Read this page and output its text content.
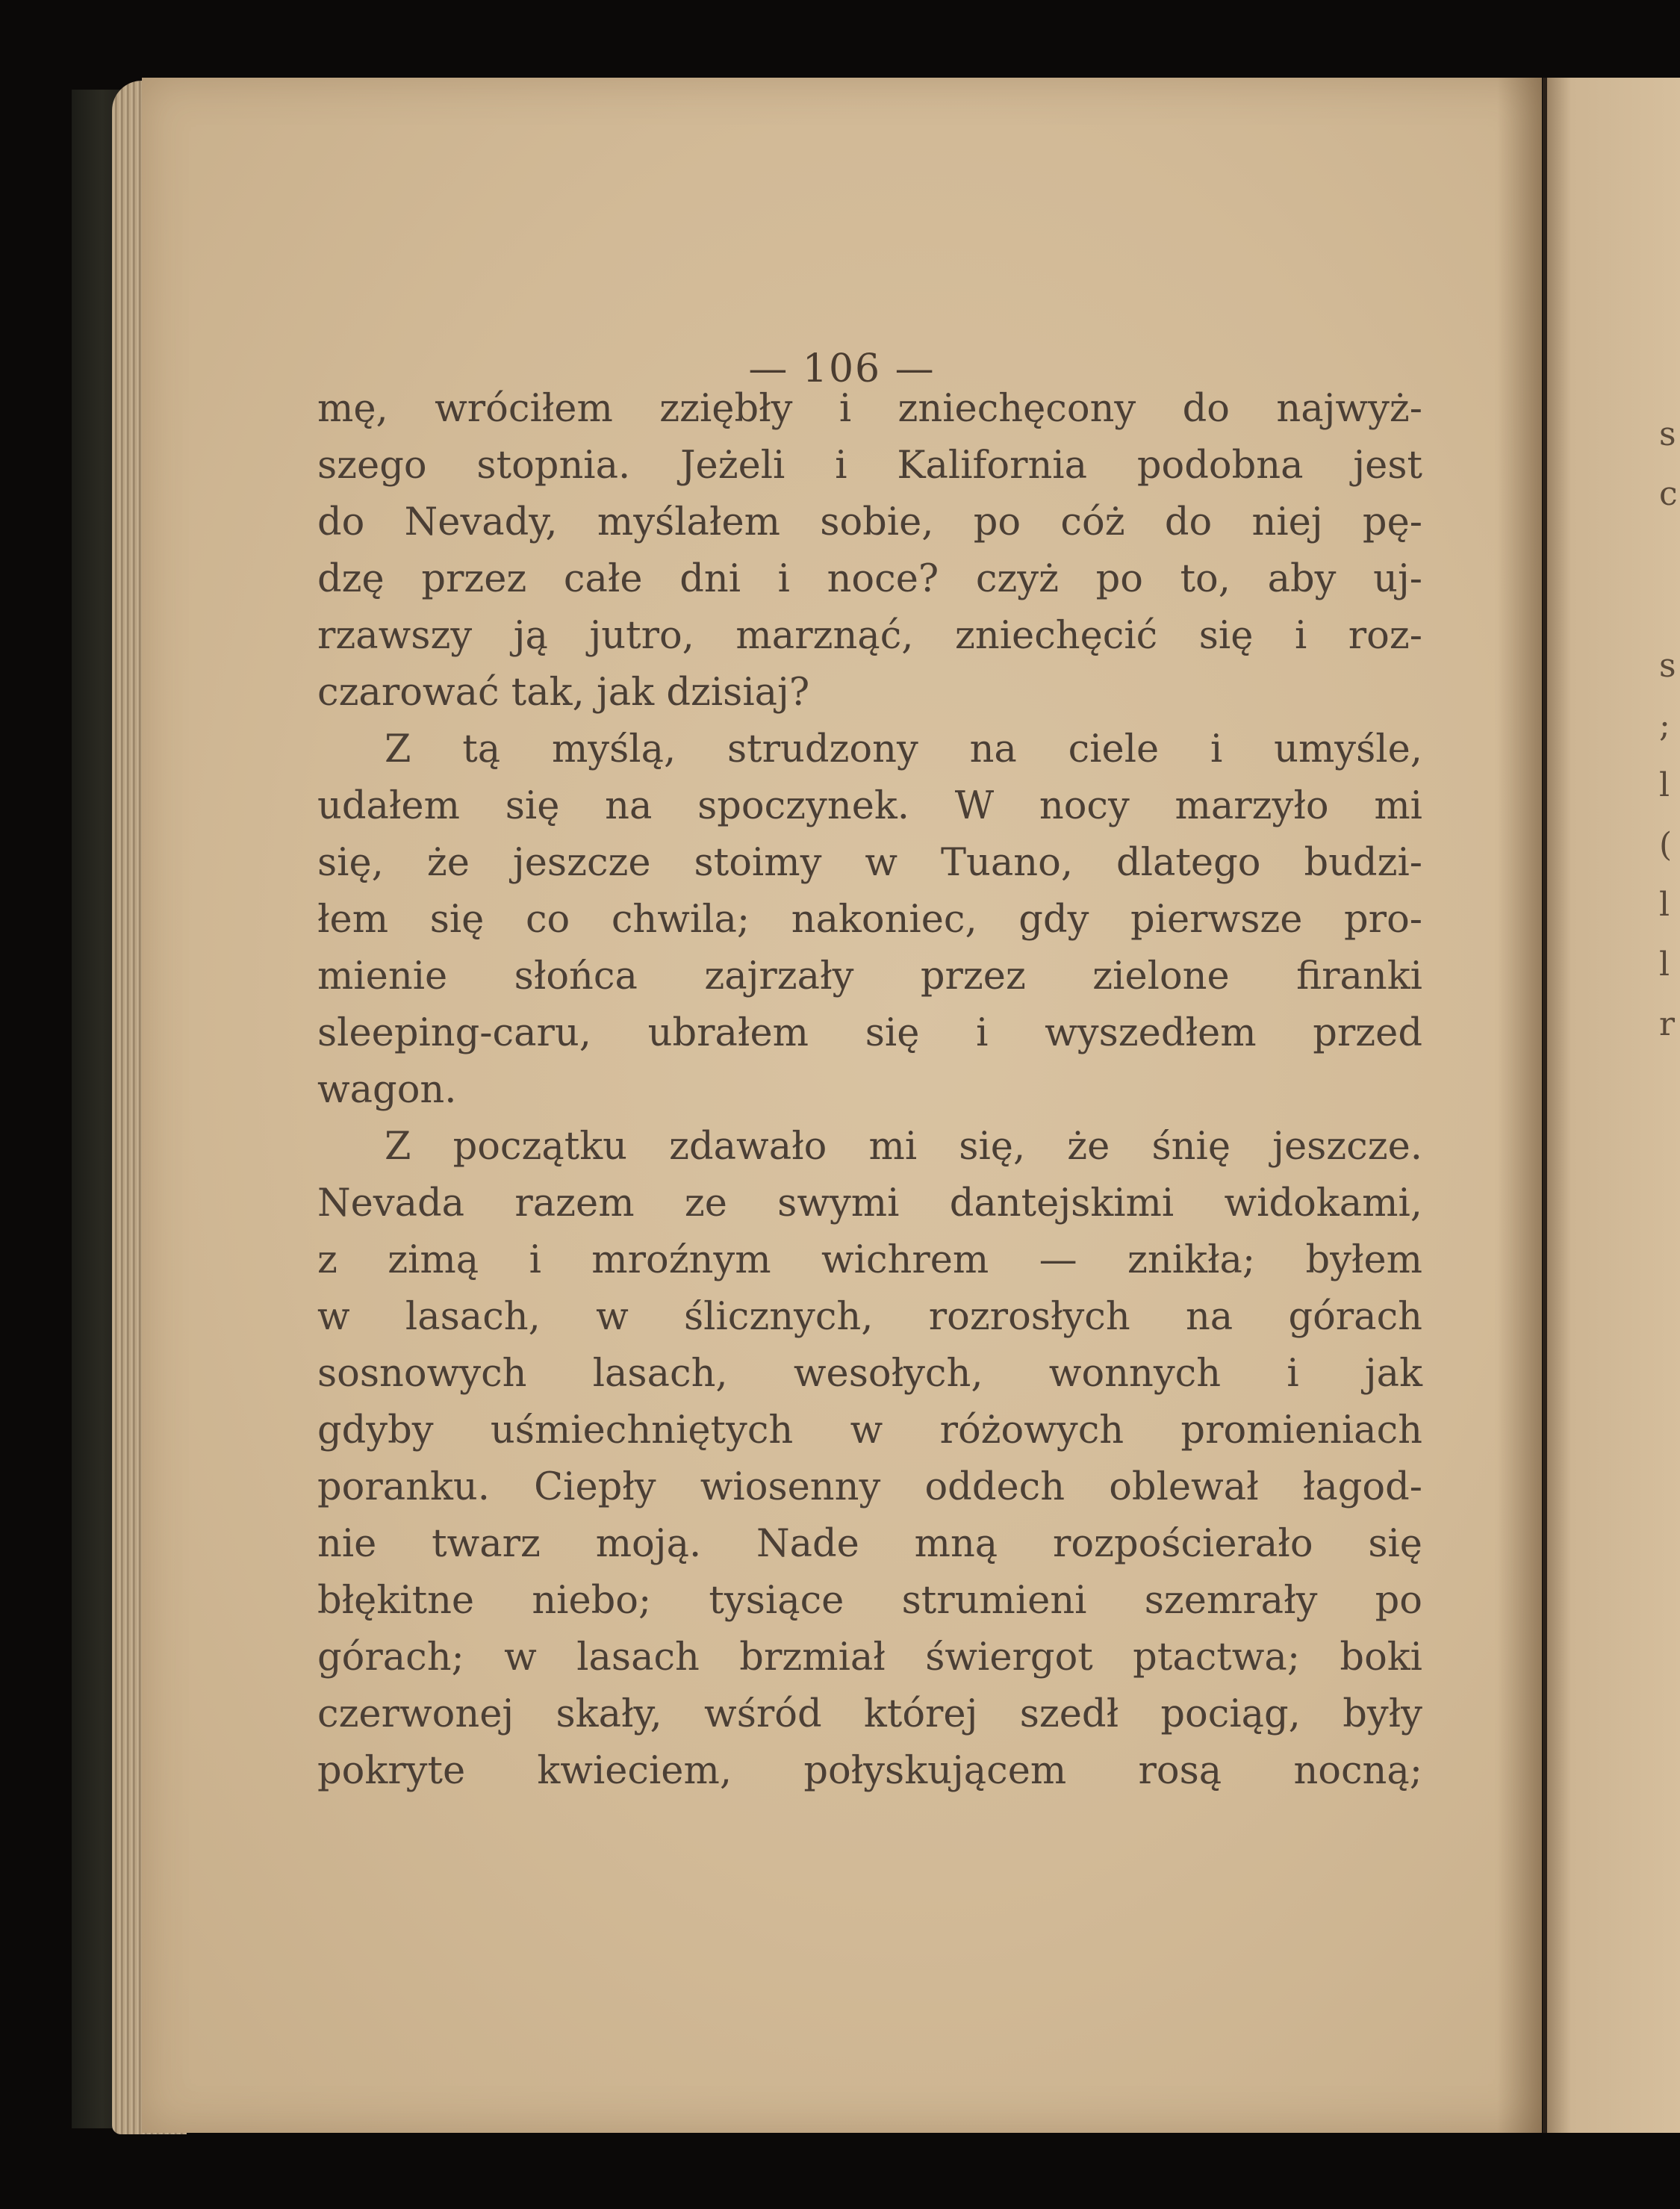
— 106 —
mę, wróciłem zziębły i zniechęcony do najwyż-
szego stopnia. Jeżeli i Kalifornia podobna jest
do Nevady, myślałem sobie, po cóż do niej pę-
dzę przez całe dni i noce? czyż po to, aby uj-
rzawszy ją jutro, marznąć, zniechęcić się i roz-
czarować tak, jak dzisiaj?
Z tą myślą, strudzony na ciele i umyśle,
udałem się na spoczynek. W nocy marzyło mi
się, że jeszcze stoimy w Tuano, dlatego budzi-
łem się co chwila; nakoniec, gdy pierwsze pro-
mienie słońca zajrzały przez zielone firanki
sleeping-caru, ubrałem się i wyszedłem przed
wagon.
Z początku zdawało mi się, że śnię jeszcze.
Nevada razem ze swymi dantejskimi widokami,
z zimą i mroźnym wichrem — znikła; byłem
w lasach, w ślicznych, rozrosłych na górach
sosnowych lasach, wesołych, wonnych i jak
gdyby uśmiechniętych w różowych promieniach
poranku. Ciepły wiosenny oddech oblewał łagod-
nie twarz moją. Nade mną rozpościerało się
błękitne niebo; tysiące strumieni szemrały po
górach; w lasach brzmiał świergot ptactwa; boki
czerwonej skały, wśród której szedł pociąg, były
pokryte kwieciem, połyskującem rosą nocną;
s
c
s
;
l
(
l
l
r
